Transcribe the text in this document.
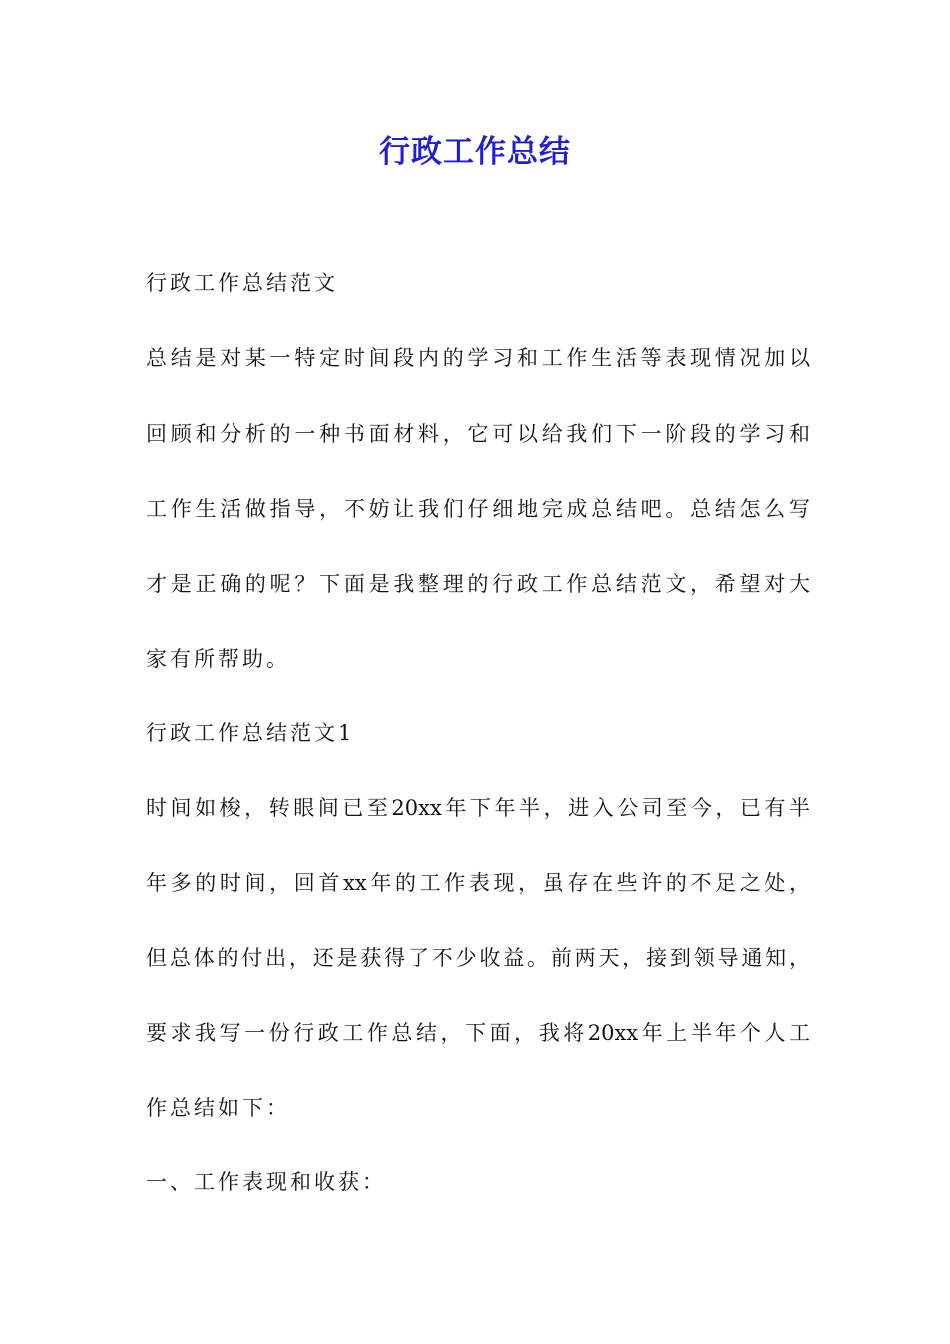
行政工作总结
行政工作总结范文
总结是对某一特定时间段内的学习和工作生活等表现情况加以
回顾和分析的一种书面材料，它可以给我们下一阶段的学习和
工作生活做指导，不妨让我们仔细地完成总结吧。总结怎么写
才是正确的呢？下面是我整理的行政工作总结范文，希望对大
家有所帮助。
行政工作总结范文1
时间如梭，转眼间已至20xx年下年半，进入公司至今，已有半
年多的时间，回首xx年的工作表现，虽存在些许的不足之处，
但总体的付出，还是获得了不少收益。前两天，接到领导通知，
要求我写一份行政工作总结，下面，我将20xx年上半年个人工
作总结如下：
一、工作表现和收获：
